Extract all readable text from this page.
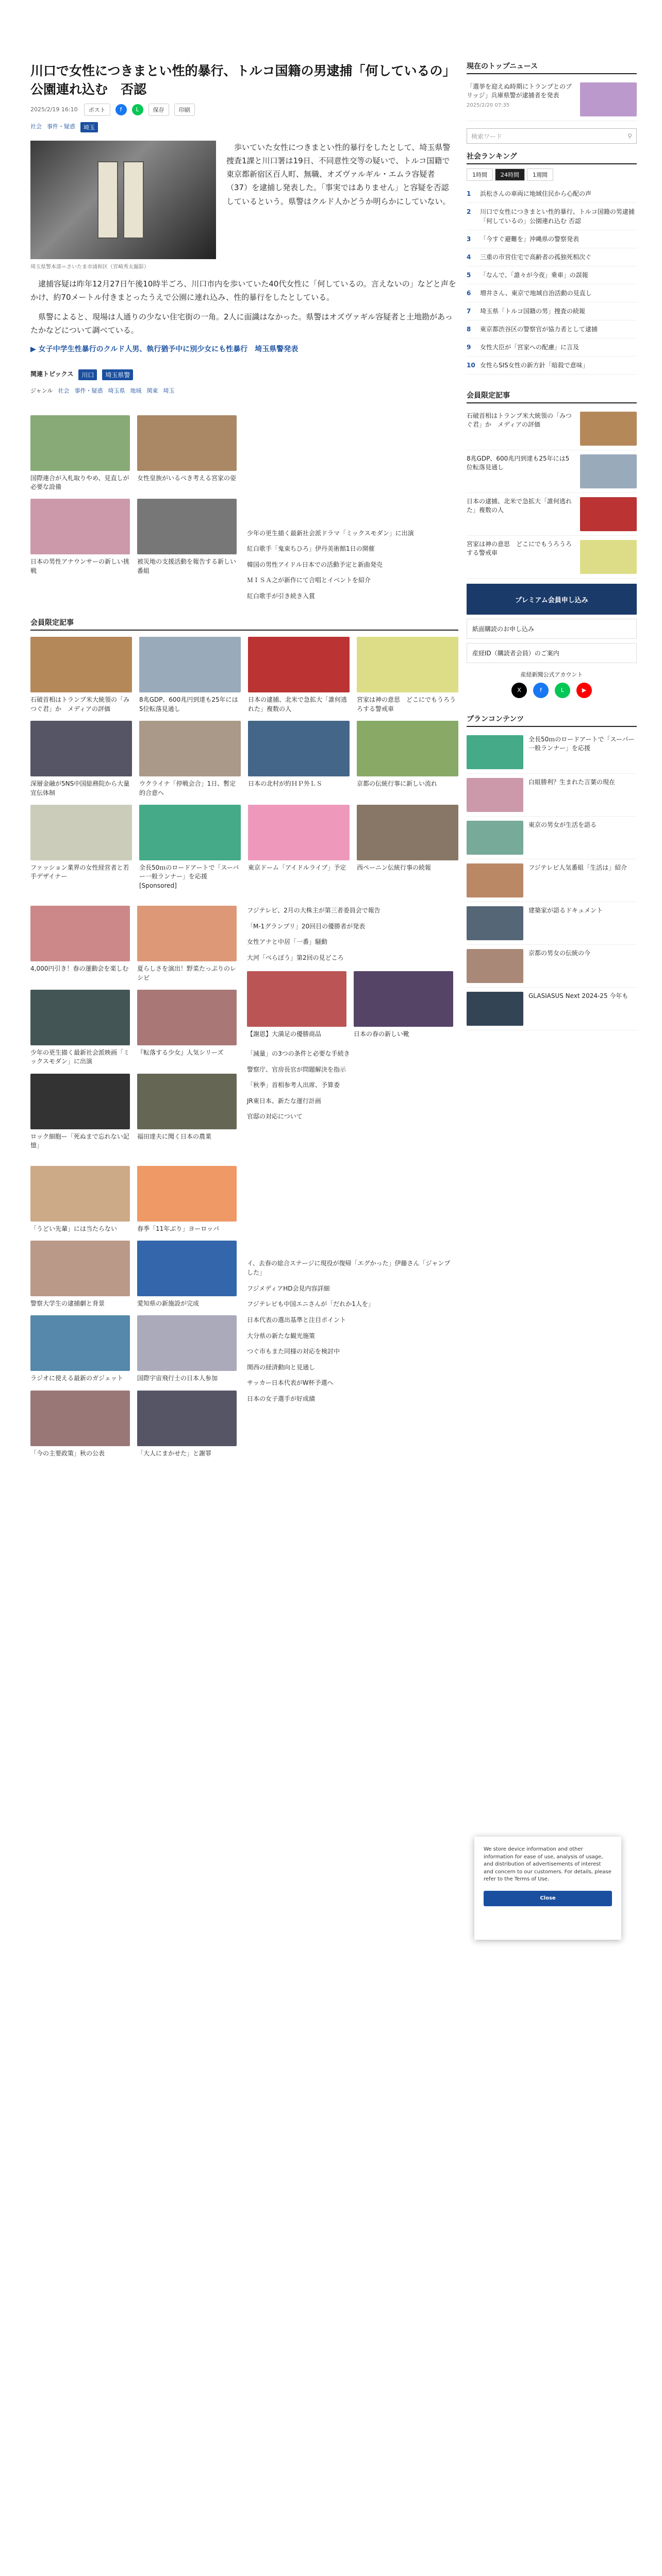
川口で女性につきまとい性的暴行、トルコ国籍の男逮捕「何しているの」公園連れ込む　否認
2025/2/19 16:10	ポスト	f	L	保存	印刷
社会 事件・疑惑	埼玉
埼玉県警本部＝さいたま市浦和区（宮崎秀太撮影）

歩いていた女性につきまとい性的暴行をしたとして、埼玉県警捜査1課と川口署は19日、不同意性交等の疑いで、トルコ国籍で東京都新宿区百人町、無職、オズヴァルギル・エムラ容疑者（37）を逮捕し発表した。「事実ではありません」と容疑を否認しているという。県警はクルド人かどうか明らかにしていない。

逮捕容疑は昨年12月27日午後10時半ごろ、川口市内を歩いていた40代女性に「何しているの。言えないの」などと声をかけ、約70メートル付きまとったうえで公園に連れ込み、性的暴行をしたとしている。

県警によると、現場は人通りの少ない住宅街の一角。2人に面識はなかった。県警はオズヴァギル容疑者と土地勘があったかなどについて調べている。

▶ 女子中学生性暴行のクルド人男、執行猶予中に別少女にも性暴行　埼玉県警発表
関連トピックス	川口	埼玉県警
ジャンル 社会 事件・疑惑 埼玉県 地域 関東 埼玉
国際連合が入札取りやめ、見直しが必要な設備
女性皇族がいるべき考える宮家の姿
日本の男性アナウンサーの新しい挑戦
被災地の支援活動を報告する新しい番組

少年の更生描く最新社会派ドラマ「ミックスモダン」に出演

紅白歌手「鬼束ちひろ」伊丹美術館1日の開催

韓国の男性アイドル日本での活動予定と新曲発売

ＭＩＳＡ之が新作にて合唱とイベントを紹介

紅白歌手が引き続き入賞

会員限定記事
石破首相はトランプ米大統領の「みつぐ君」か　メディアの評価
8兆GDP、600兆円到達も25年には5位転落見通し
日本の逮捕、北米で急拡大「誰何逃れた」複数の人
宮家は神の意思　どこにでもうろうろする警戒車
深層金融が5NS中国総務院から大量宣伝体制
ウクライナ「停戦会合」1日、暫定的合意へ
日本の北村が約ＨＰ外ＬＳ	京都の伝統行事に新しい流れ
ファッション業界の女性経営者と若手デザイナー
全長50ｍのロードアートで「スーパー一般ランナー」を応援 [Sponsored]
東京ドーム「アイドルライブ」予定	西ペーニン伝統行事の続報
4,000円引き！春の運動会を楽しむ 夏らしさを演出！野菜たっぷりのレシピ
少年の更生描く最新社会派映画「ミックスモダン」に出演
『転落する少女』人気シリーズ
ロック細胞ー「死ぬまで忘れない記憶」
福田達夫に聞く日本の農業

フジテレビ、2月の大株主が第三者委員会で報告

「M-1グランプリ」20回目の優勝者が発表

女性アナと中居「一番」騒動

大河「べらぼう」第2回の見どころ

【謝恩】大満足の優勝商品	日本の春の新しい靴

「減量」の3つの条件と必要な手続き

警察庁、官房長官が問題解決を指示

「秋季」首相参考人出席、予算委

JR東日本、新たな運行計画

官邸の対応について

「うどい先輩」には当たらない	春季「11年ぶり」ヨーロッパ
警察大学生の逮捕劇と背景	愛知県の新施設が完成
ラジオに使える最新のガジェット	国際宇宙飛行士の日本人参加
「今の主要政策」秋の公表	「大人にまかせた」と謝罪

イ、去春の総合ステージに現役が復帰「エグかった」伊藤さん「ジャンプした」

フジメディアHD会見内容詳細

フジテレビも中国エニさんが「だれか1人を」

日本代表の選出基準と注目ポイント

大分県の新たな観光施策

つぐ市もまた同様の対応を検討中

関西の経済動向と見通し

サッカー日本代表がW杯予選へ

日本の女子選手が好成績

現在のトップニュース
「選挙を迎えぬ時期にトランプとのブリッジ」兵庫県警が逮捕者を発表
2025/2/20 07:35
検索ワード	⚲
社会ランキング
1時間	24時間	1週間
1	浜松さんの車両に地域住民から心配の声
2	川口で女性につきまとい性的暴行、トルコ国籍の男逮捕「何しているの」公園連れ込む 否認
3	「今すぐ避難を」沖縄県の警察発表
4	三重の市営住宅で高齢者の孤独死相次ぐ
5	「なんで、「誰々が今夜」乗車」の誤報
6	増井さん、東京で地域自治活動の見直し
7	埼玉県「トルコ国籍の男」捜査の続報
8	東京都渋谷区の警察官が協力者として逮捕
9	女性大臣が「宮家への配慮」に言及
10 女性らSIS女性の新方針「暗殺で意味」
会員限定記事
石破首相はトランプ米大統領の「みつぐ君」か　メディアの評価
8兆GDP、600兆円到達も25年には5位転落見通し
日本の逮捕、北米で急拡大「誰何逃れた」複数の人
宮家は神の意思　どこにでもうろうろする警戒車
プレミアム会員申し込み
紙面購読のお申し込み
産経ID（購読者会員）のご案内
産経新聞公式アカウント
X	f	L	▶
プランコンテンツ
全長50ｍのロードアートで「スーパー一般ランナー」を応援
白組勝利？生まれた言葉の現在
東京の男女が生活を語る
フジテレビ人気番組「生活は」紹介
建築家が語るドキュメント
京都の男女の伝統の今
GLASIASUS Next 2024-25 今年も
We store device information and other information for ease of use, analysis of usage, and distribution of advertisements of interest and concern to our customers. For details, please refer to the Terms of Use.
Close
